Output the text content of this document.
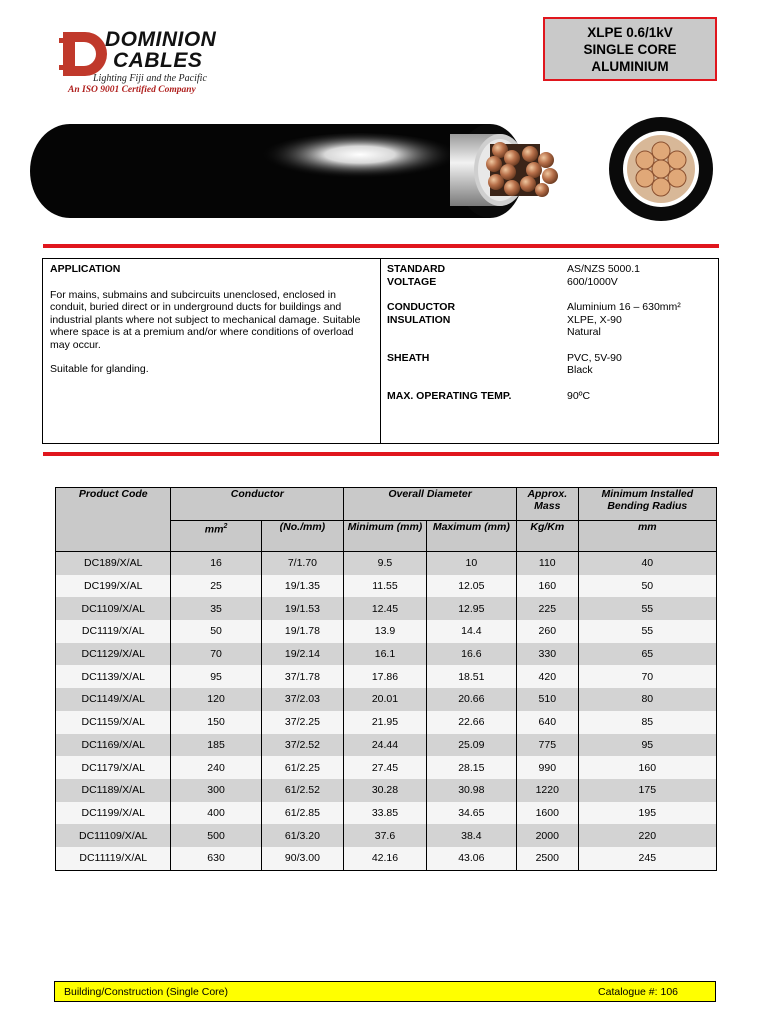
DOMINION
CABLES
Lighting Fiji and the Pacific
An ISO 9001 Certified Company
XLPE 0.6/1kV
SINGLE CORE
ALUMINIUM
APPLICATION

For mains, submains and subcircuits unenclosed, enclosed in conduit, buried direct or in underground ducts for buildings and industrial plants where not subject to mechanical damage. Suitable where space is at a premium and/or where conditions of overload may occur.

Suitable for glanding.

STANDARD	AS/NZS 5000.1
VOLTAGE	600/1000V
CONDUCTOR	Aluminium 16 – 630mm²
INSULATION	XLPE, X-90
Natural
SHEATH	PVC, 5V-90
Black
MAX. OPERATING TEMP.	90ºC
Product Code	Conductor		Overall Diameter		Approx. Mass	Minimum Installed Bending Radius
	$mm^2$	(No./mm)	Minimum (mm)	Maximum (mm)	Kg/Km	mm
DC189/X/AL	16	7/1.70	9.5	10	110	40
DC199/X/AL	25	19/1.35	11.55	12.05	160	50
DC1109/X/AL	35	19/1.53	12.45	12.95	225	55
DC1119/X/AL	50	19/1.78	13.9	14.4	260	55
DC1129/X/AL	70	19/2.14	16.1	16.6	330	65
DC1139/X/AL	95	37/1.78	17.86	18.51	420	70
DC1149/X/AL	120	37/2.03	20.01	20.66	510	80
DC1159/X/AL	150	37/2.25	21.95	22.66	640	85
DC1169/X/AL	185	37/2.52	24.44	25.09	775	95
DC1179/X/AL	240	61/2.25	27.45	28.15	990	160
DC1189/X/AL	300	61/2.52	30.28	30.98	1220	175
DC1199/X/AL	400	61/2.85	33.85	34.65	1600	195
DC11109/X/AL	500	61/3.20	37.6	38.4	2000	220
DC11119/X/AL	630	90/3.00	42.16	43.06	2500	245
Building/Construction (Single Core)	Catalogue #: 106
